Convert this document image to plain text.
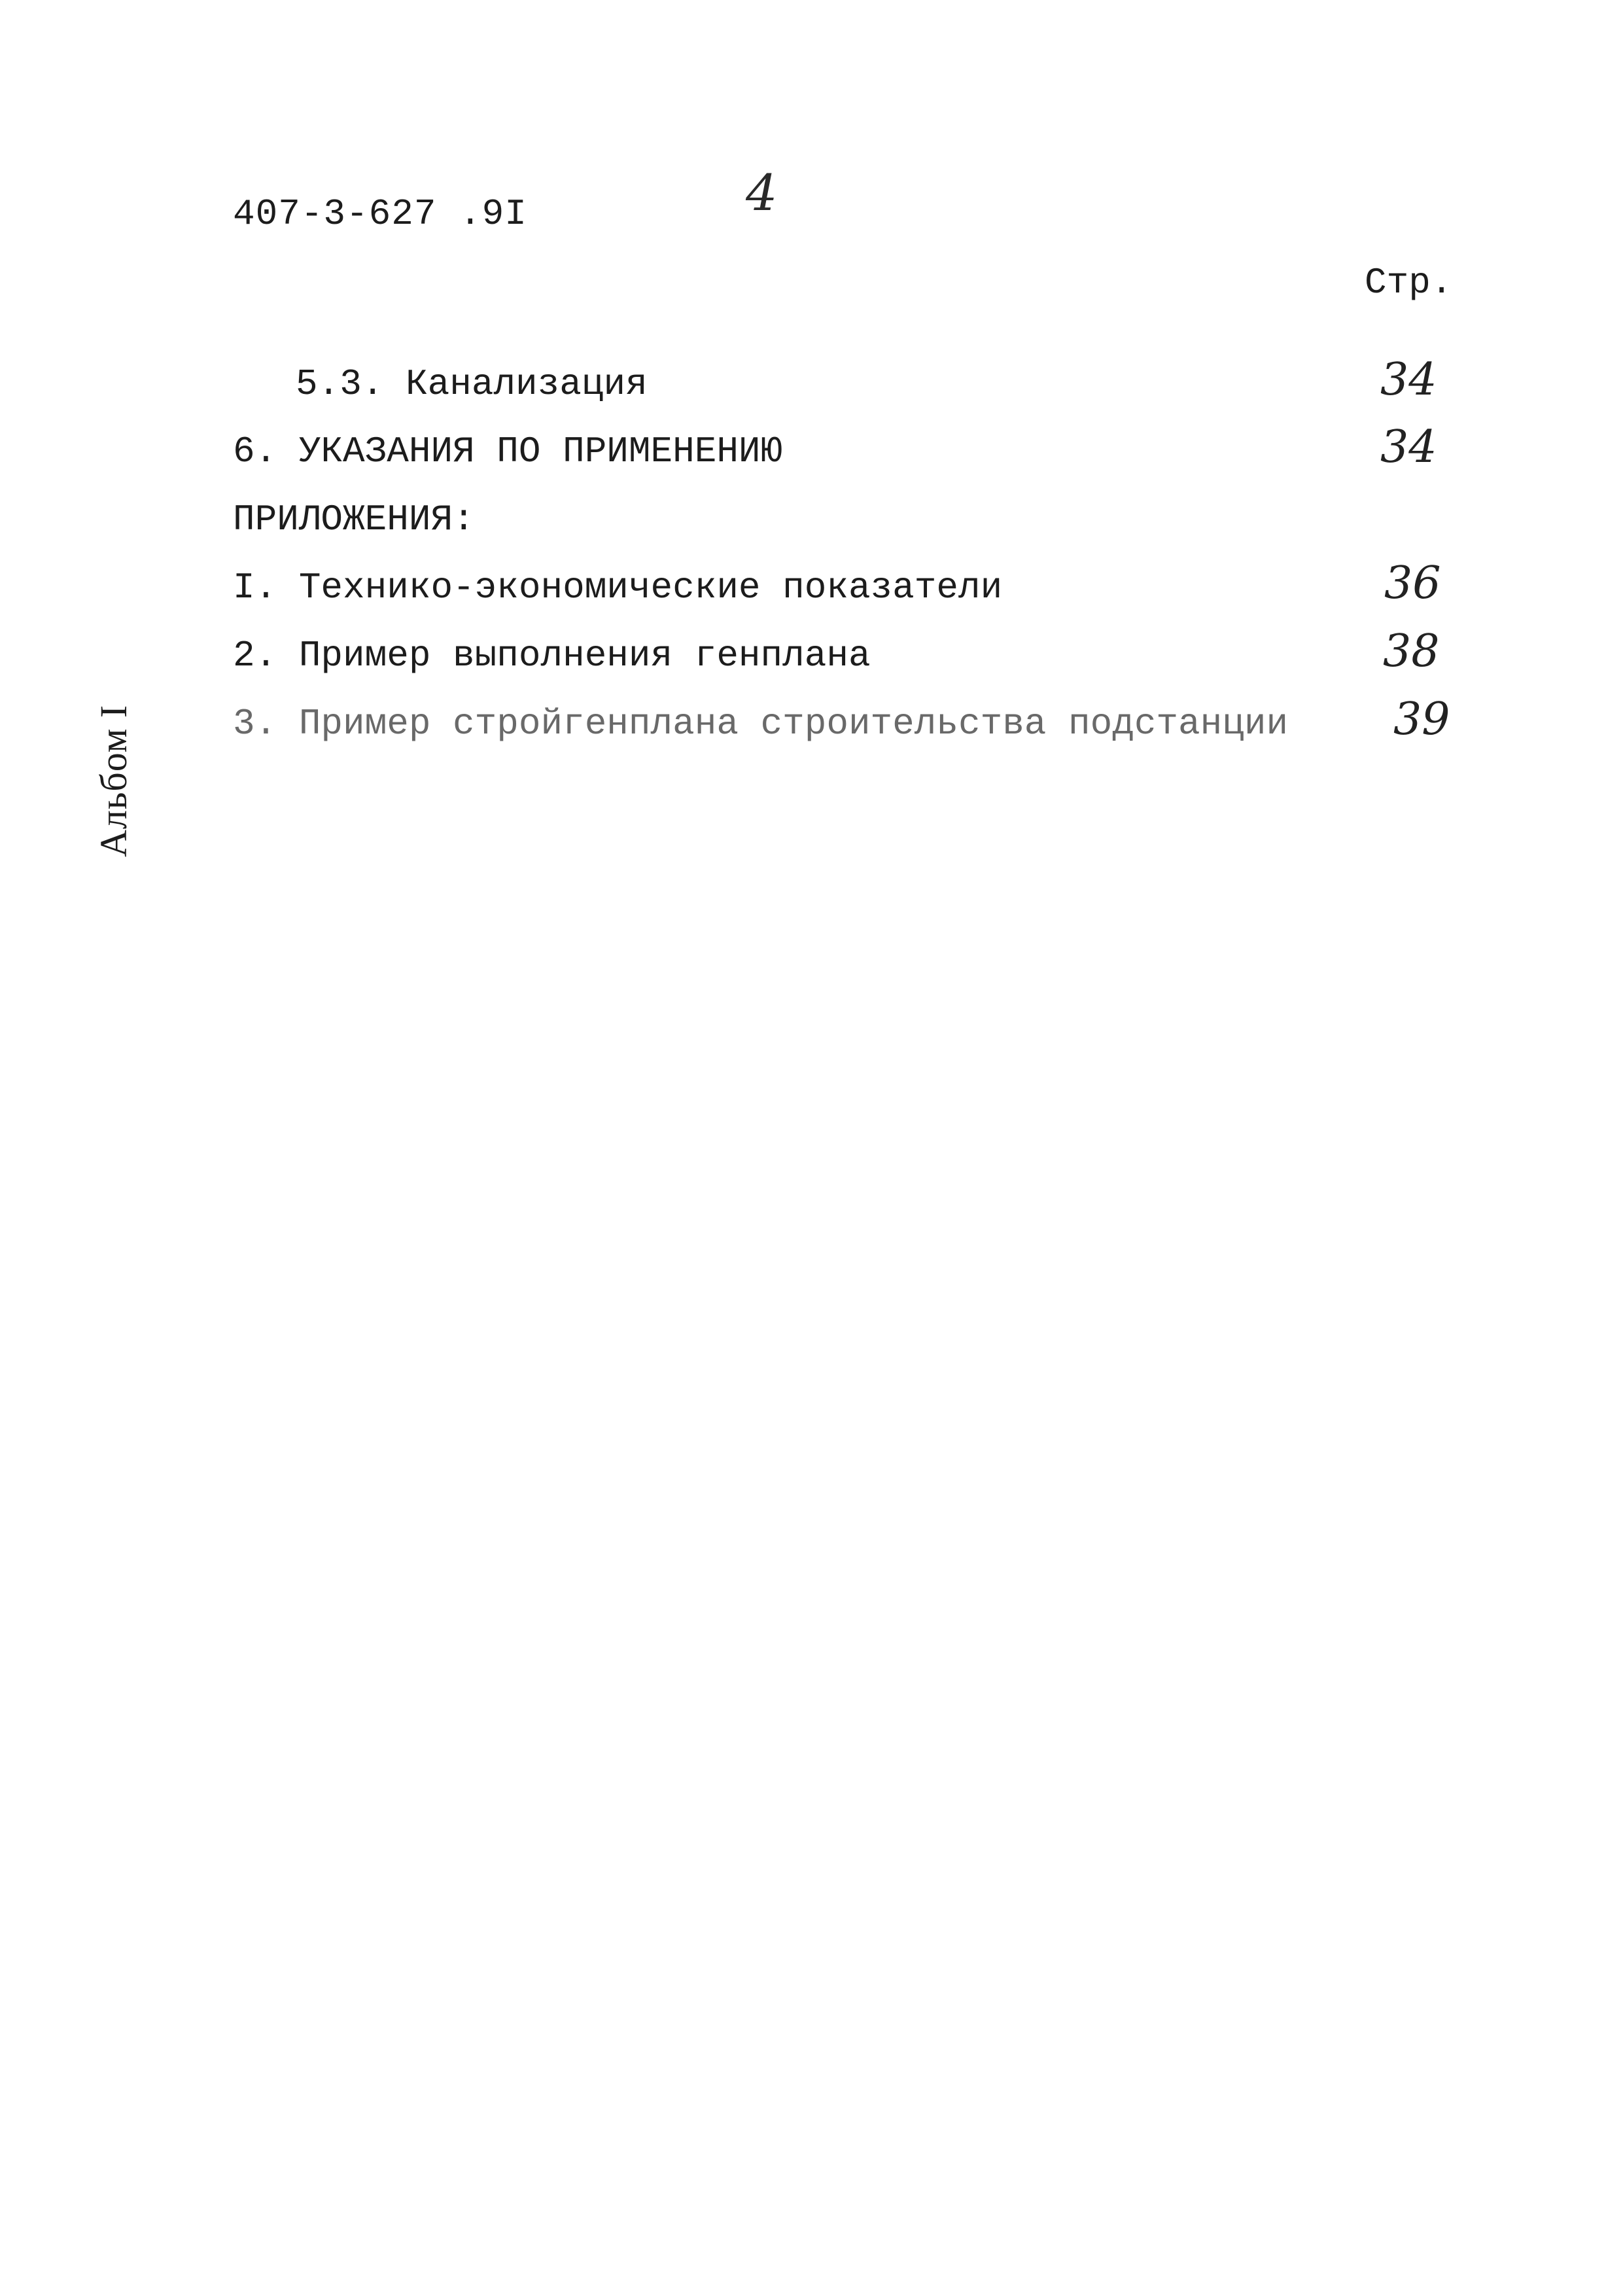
407-3-627 .9I	4
Стр.
5.3. Канализация	34
6. УКАЗАНИЯ ПО ПРИМЕНЕНИЮ	34
ПРИЛОЖЕНИЯ:
I. Технико-экономические показатели	36
2. Пример выполнения генплана	38
3. Пример стройгенплана строительства подстанции 39
Альбом I
